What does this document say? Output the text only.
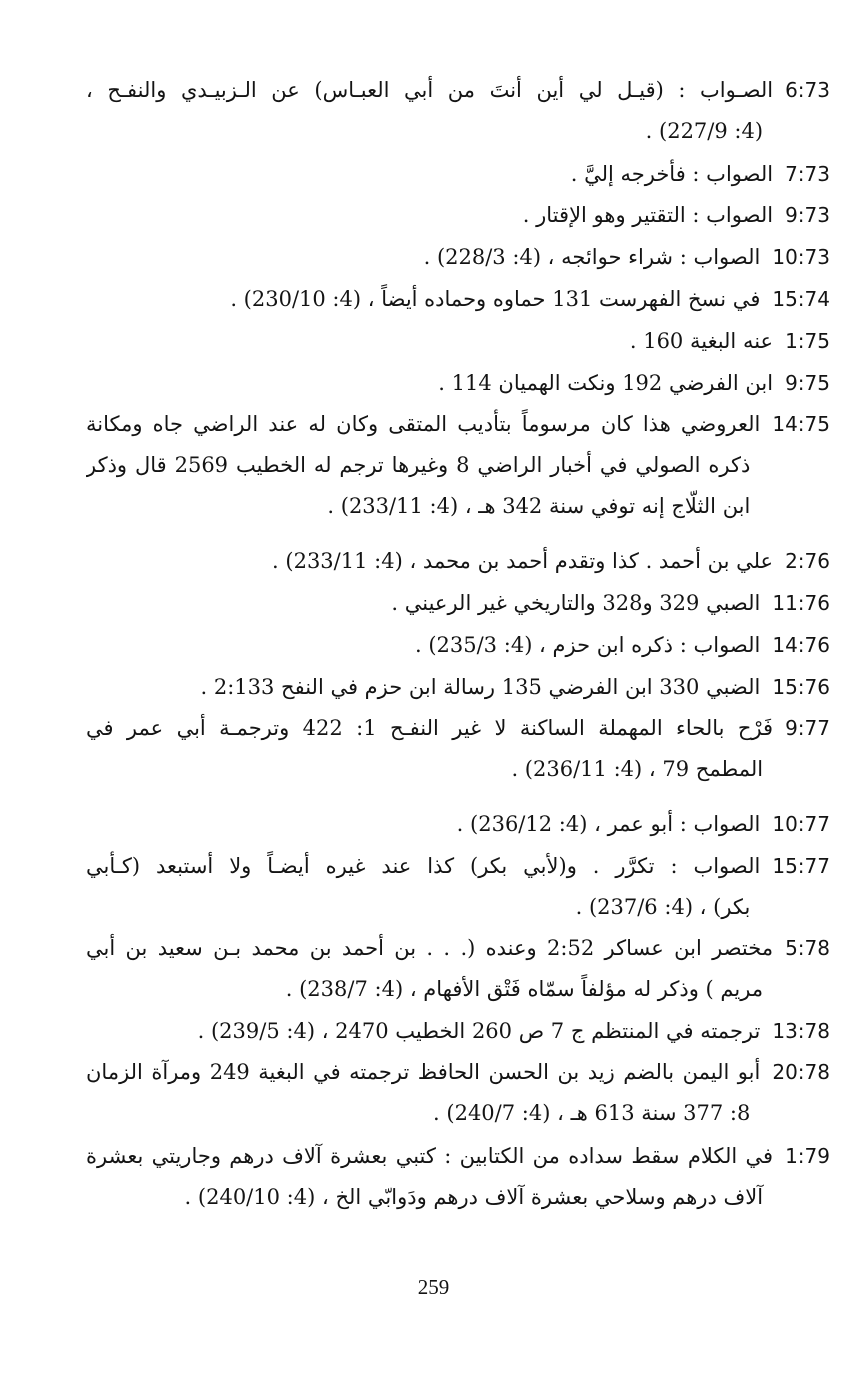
6:73
الصـواب : (قيـل لي أين أنتَ من أبي العبـاس) عن الـزبيـدي والنفـح ،
(4: 227/9) .
7:73
الصواب : فأخرجه إليَّ .
9:73
الصواب : التقتير وهو الإقتار .
10:73
الصواب : شراء حوائجه ، (4: 228/3) .
15:74
في نسخ الفهرست 131 حماوه وحماده أيضاً ، (4: 230/10) .
1:75
عنه البغية 160 .
9:75
ابن الفرضي 192 ونكت الهميان 114 .
14:75
العروضي هذا كان مرسوماً بتأديب المتقى وكان له عند الراضي جاه ومكانة
ذكره الصولي في أخبار الراضي 8 وغيرها ترجم له الخطيب 2569 قال وذكر
ابن الثلّاج إنه توفي سنة 342 هـ ، (4: 233/11) .
2:76
علي بن أحمد . كذا وتقدم أحمد بن محمد ، (4: 233/11) .
11:76
الصبي 329 و328 والتاريخي غير الرعيني .
14:76
الصواب : ذكره ابن حزم ، (4: 235/3) .
15:76
الضبي 330 ابن الفرضي 135 رسالة ابن حزم في النفح 2:133 .
9:77
فَرْح بالحاء المهملة الساكنة لا غير النفـح 1: 422 وترجمـة أبي عمر في
المطمح 79 ، (4: 236/11) .
10:77
الصواب : أبو عمر ، (4: 236/12) .
15:77
الصواب : تكرَّر . و(لأبي بكر) كذا عند غيره أيضـاً ولا أستبعد (كـأبي
بكر) ، (4: 237/6) .
5:78
مختصر ابن عساكر 2:52 وعنده (. . . بن أحمد بن محمد بـن سعيد بن أبي
مريم ) وذكر له مؤلفاً سمّاه فَتْق الأفهام ، (4: 238/7) .
13:78
ترجمته في المنتظم ج 7 ص 260 الخطيب 2470 ، (4: 239/5) .
20:78
أبو اليمن بالضم زيد بن الحسن الحافظ ترجمته في البغية 249 ومرآة الزمان
8: 377 سنة 613 هـ ، (4: 240/7) .
1:79
في الكلام سقط سداده من الكتابين : كتبي بعشرة آلاف درهم وجاريتي بعشرة
آلاف درهم وسلاحي بعشرة آلاف درهم ودَوابّي الخ ، (4: 240/10) .
259
